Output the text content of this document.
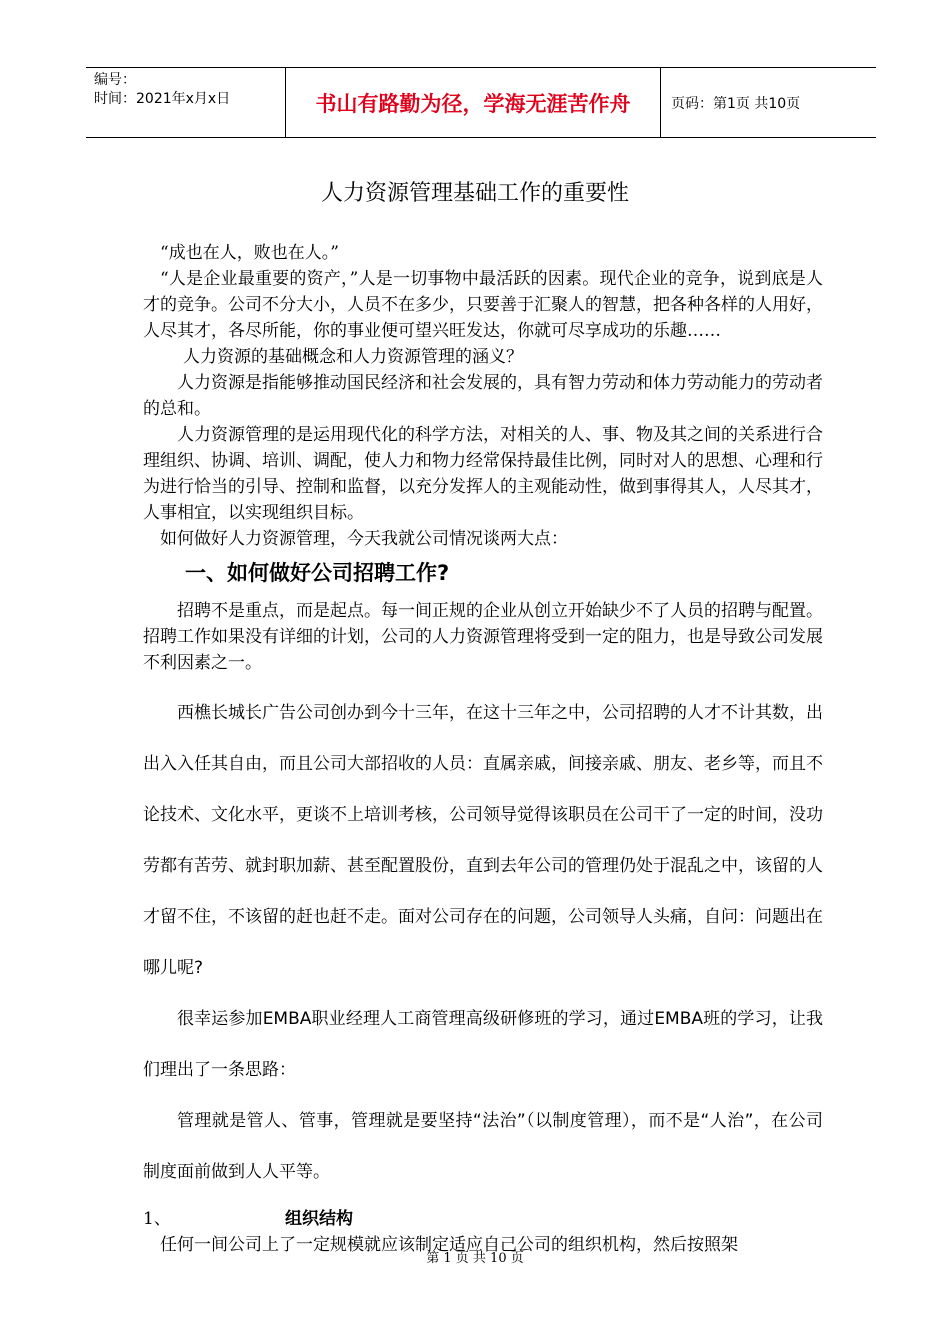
编号：
时间：2021年x月x日	书山有路勤为径，学海无涯苦作舟	页码：第1页 共10页
人力资源管理基础工作的重要性

“成也在人，败也在人。”

“人是企业最重要的资产，”人是一切事物中最活跃的因素。现代企业的竞争，说到底是人才的竞争。公司不分大小，人员不在多少，只要善于汇聚人的智慧，把各种各样的人用好，人尽其才，各尽所能，你的事业便可望兴旺发达，你就可尽享成功的乐趣……

人力资源的基础概念和人力资源管理的涵义？

人力资源是指能够推动国民经济和社会发展的，具有智力劳动和体力劳动能力的劳动者的总和。

人力资源管理的是运用现代化的科学方法，对相关的人、事、物及其之间的关系进行合理组织、协调、培训、调配，使人力和物力经常保持最佳比例，同时对人的思想、心理和行为进行恰当的引导、控制和监督，以充分发挥人的主观能动性，做到事得其人，人尽其才，人事相宜，以实现组织目标。

如何做好人力资源管理，今天我就公司情况谈两大点：

一、如何做好公司招聘工作?

招聘不是重点，而是起点。每一间正规的企业从创立开始缺少不了人员的招聘与配置。招聘工作如果没有详细的计划，公司的人力资源管理将受到一定的阻力，也是导致公司发展不利因素之一。

西樵长城长广告公司创办到今十三年，在这十三年之中，公司招聘的人才不计其数，出出入入任其自由，而且公司大部招收的人员：直属亲戚，间接亲戚、朋友、老乡等，而且不论技术、文化水平，更谈不上培训考核，公司领导觉得该职员在公司干了一定的时间，没功劳都有苦劳、就封职加薪、甚至配置股份，直到去年公司的管理仍处于混乱之中，该留的人才留不住，不该留的赶也赶不走。面对公司存在的问题，公司领导人头痛，自问：问题出在哪儿呢?

很幸运参加EMBA职业经理人工商管理高级研修班的学习，通过EMBA班的学习，让我们理出了一条思路：

管理就是管人、管事，管理就是要坚持“法治”（以制度管理），而不是“人治”，在公司制度面前做到人人平等。

1、	组织结构

任何一间公司上了一定规模就应该制定适应自己公司的组织机构，然后按照架

第 1 页 共 10 页
